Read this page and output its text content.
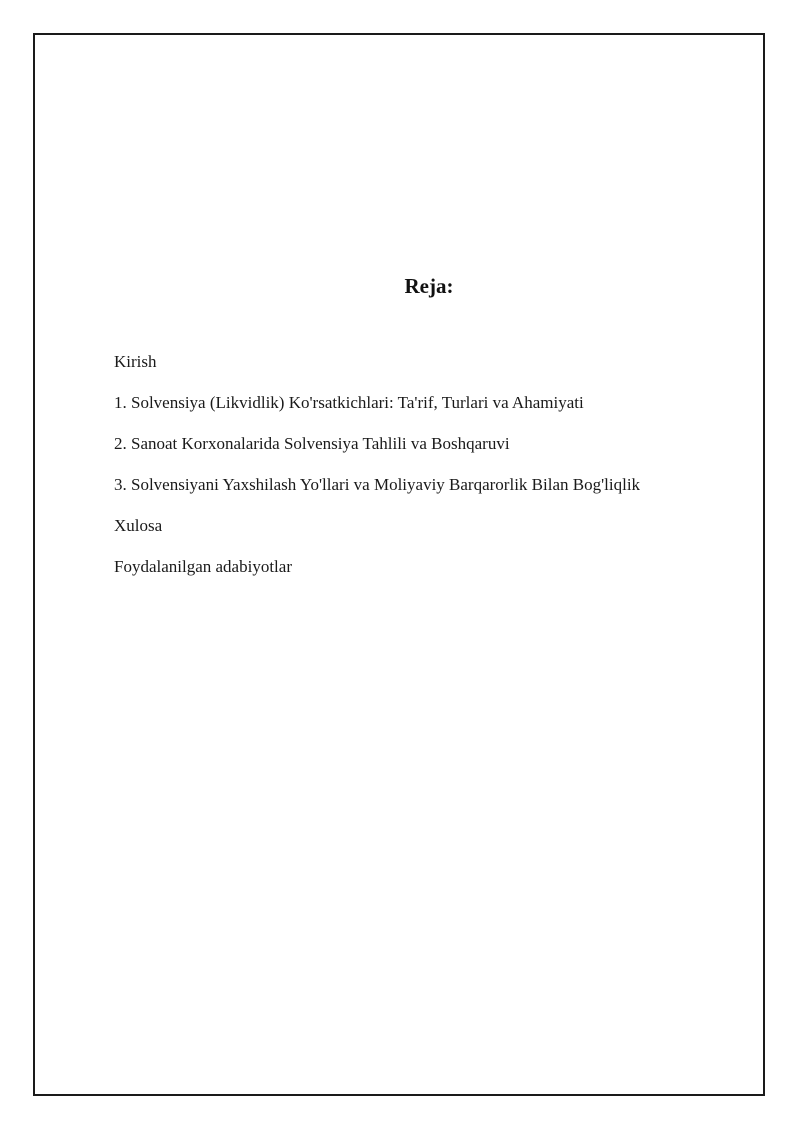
Reja:
Kirish
1. Solvensiya (Likvidlik) Ko'rsatkichlari: Ta'rif, Turlari va Ahamiyati
2. Sanoat Korxonalarida Solvensiya Tahlili va Boshqaruvi
3. Solvensiyani Yaxshilash Yo'llari va Moliyaviy Barqarorlik Bilan Bog'liqlik
Xulosa
Foydalanilgan adabiyotlar
